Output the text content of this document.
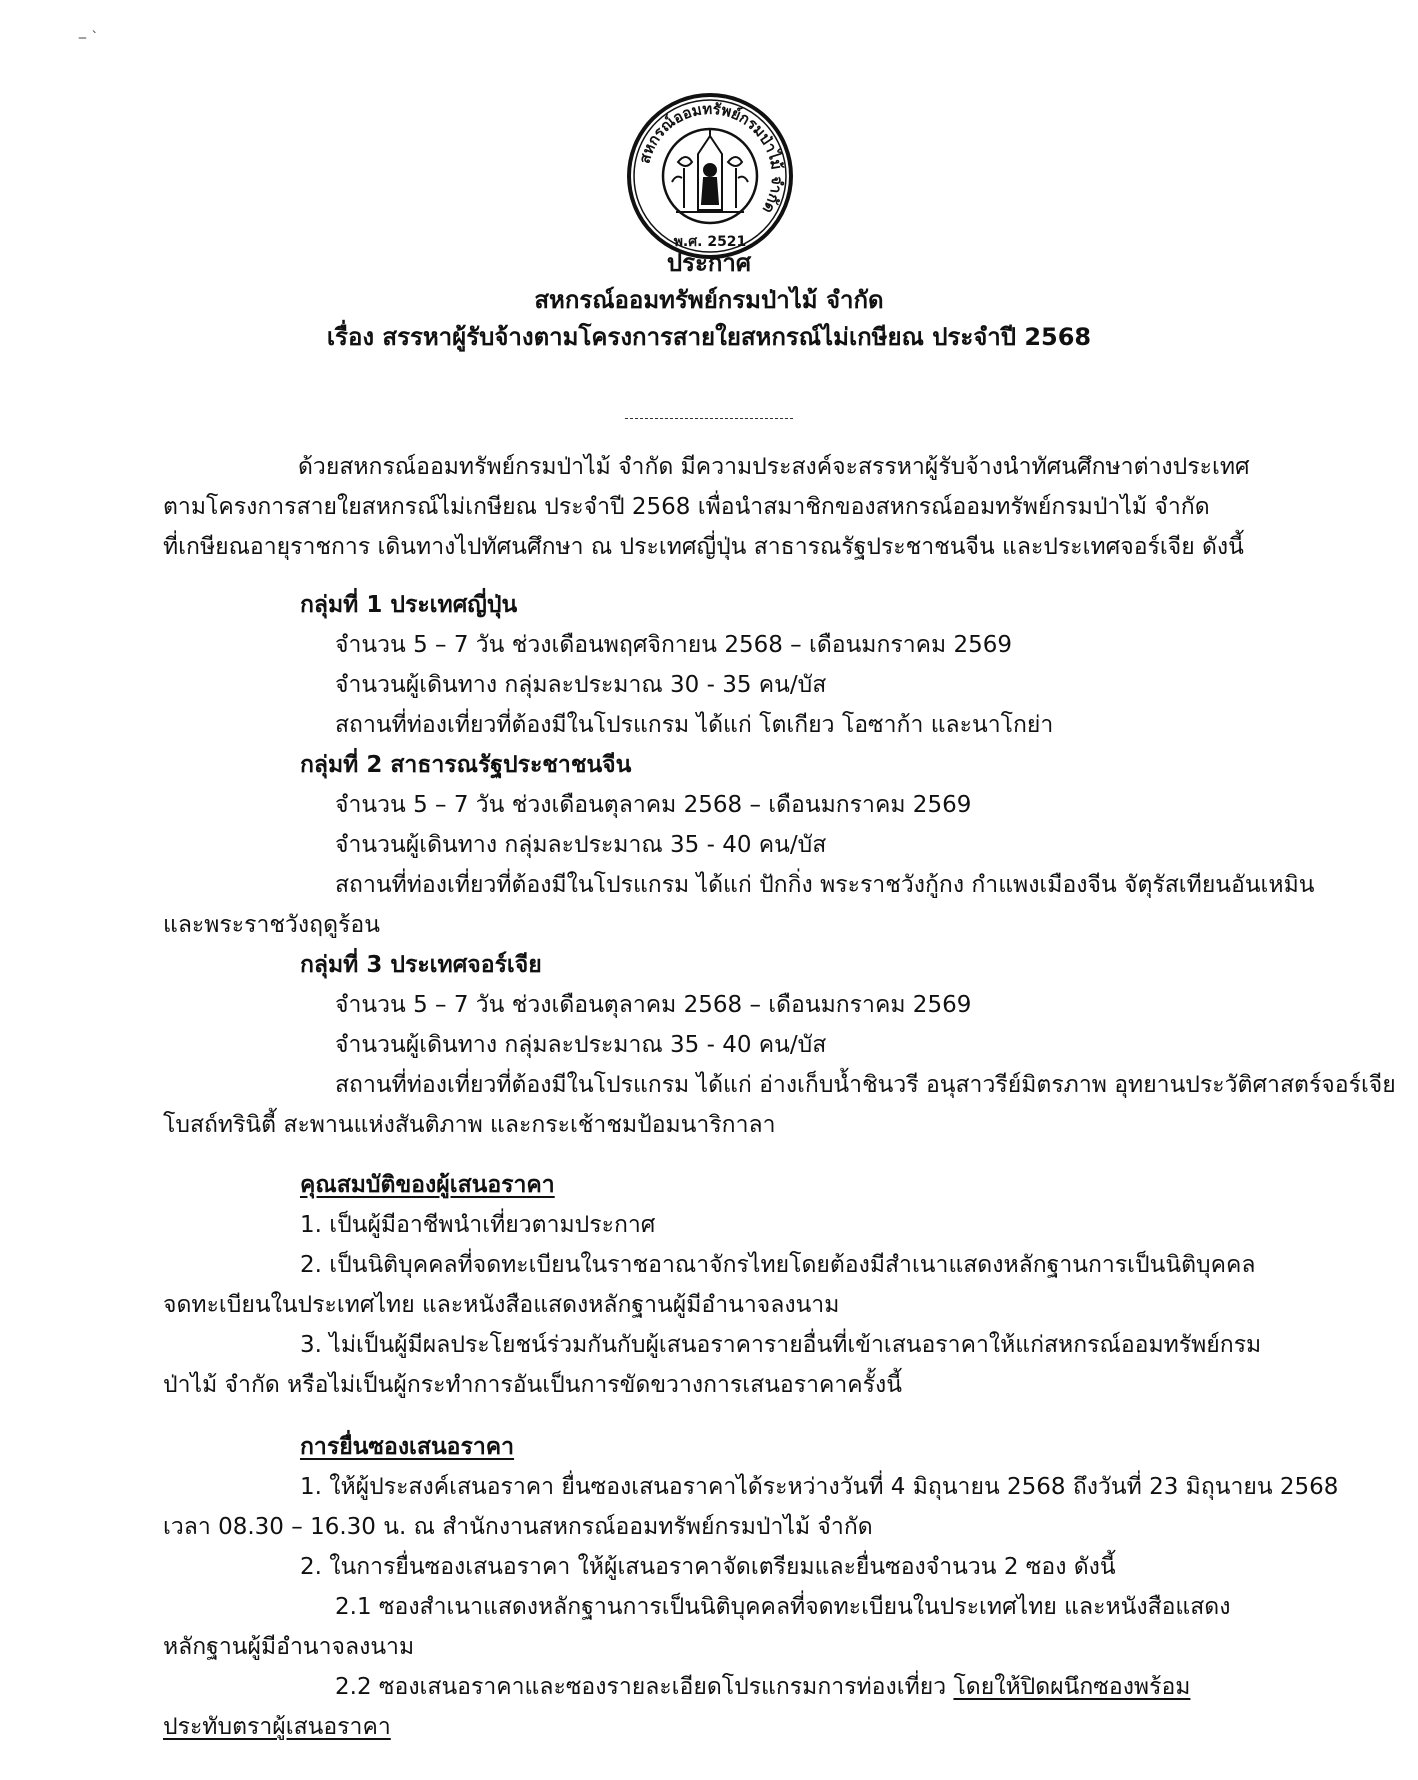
‒ ˋ
สหกรณ์ออมทรัพย์กรมป่าไม้ จำกัด
พ.ศ. 2521
ประกาศ
สหกรณ์ออมทรัพย์กรมป่าไม้ จำกัด
เรื่อง สรรหาผู้รับจ้างตามโครงการสายใยสหกรณ์ไม่เกษียณ ประจำปี 2568
ด้วยสหกรณ์ออมทรัพย์กรมป่าไม้ จำกัด มีความประสงค์จะสรรหาผู้รับจ้างนำทัศนศึกษาต่างประเทศ
ตามโครงการสายใยสหกรณ์ไม่เกษียณ ประจำปี 2568 เพื่อนำสมาชิกของสหกรณ์ออมทรัพย์กรมป่าไม้ จำกัด
ที่เกษียณอายุราชการ เดินทางไปทัศนศึกษา ณ ประเทศญี่ปุ่น สาธารณรัฐประชาชนจีน และประเทศจอร์เจีย ดังนี้
กลุ่มที่ 1 ประเทศญี่ปุ่น
จำนวน 5 – 7 วัน ช่วงเดือนพฤศจิกายน 2568 – เดือนมกราคม 2569
จำนวนผู้เดินทาง กลุ่มละประมาณ 30 - 35 คน/บัส
สถานที่ท่องเที่ยวที่ต้องมีในโปรแกรม ได้แก่ โตเกียว โอซาก้า และนาโกย่า
กลุ่มที่ 2 สาธารณรัฐประชาชนจีน
จำนวน 5 – 7 วัน ช่วงเดือนตุลาคม 2568 – เดือนมกราคม 2569
จำนวนผู้เดินทาง กลุ่มละประมาณ 35 - 40 คน/บัส
สถานที่ท่องเที่ยวที่ต้องมีในโปรแกรม ได้แก่ ปักกิ่ง พระราชวังกู้กง กำแพงเมืองจีน จัตุรัสเทียนอันเหมิน
และพระราชวังฤดูร้อน
กลุ่มที่ 3 ประเทศจอร์เจีย
จำนวน 5 – 7 วัน ช่วงเดือนตุลาคม 2568 – เดือนมกราคม 2569
จำนวนผู้เดินทาง กลุ่มละประมาณ 35 - 40 คน/บัส
สถานที่ท่องเที่ยวที่ต้องมีในโปรแกรม ได้แก่ อ่างเก็บน้ำชินวรี อนุสาวรีย์มิตรภาพ อุทยานประวัติศาสตร์จอร์เจีย
โบสถ์ทรินิตี้ สะพานแห่งสันติภาพ และกระเช้าชมป้อมนาริกาลา
คุณสมบัติของผู้เสนอราคา
1. เป็นผู้มีอาชีพนำเที่ยวตามประกาศ
2. เป็นนิติบุคคลที่จดทะเบียนในราชอาณาจักรไทยโดยต้องมีสำเนาแสดงหลักฐานการเป็นนิติบุคคล
จดทะเบียนในประเทศไทย และหนังสือแสดงหลักฐานผู้มีอำนาจลงนาม
3. ไม่เป็นผู้มีผลประโยชน์ร่วมกันกับผู้เสนอราคารายอื่นที่เข้าเสนอราคาให้แก่สหกรณ์ออมทรัพย์กรม
ป่าไม้ จำกัด หรือไม่เป็นผู้กระทำการอันเป็นการขัดขวางการเสนอราคาครั้งนี้
การยื่นซองเสนอราคา
1. ให้ผู้ประสงค์เสนอราคา ยื่นซองเสนอราคาได้ระหว่างวันที่ 4 มิถุนายน 2568 ถึงวันที่ 23 มิถุนายน 2568
เวลา 08.30 – 16.30 น. ณ สำนักงานสหกรณ์ออมทรัพย์กรมป่าไม้ จำกัด
2. ในการยื่นซองเสนอราคา ให้ผู้เสนอราคาจัดเตรียมและยื่นซองจำนวน 2 ซอง ดังนี้
2.1 ซองสำเนาแสดงหลักฐานการเป็นนิติบุคคลที่จดทะเบียนในประเทศไทย และหนังสือแสดง
หลักฐานผู้มีอำนาจลงนาม
2.2 ซองเสนอราคาและซองรายละเอียดโปรแกรมการท่องเที่ยว โดยให้ปิดผนึกซองพร้อม
ประทับตราผู้เสนอราคา
